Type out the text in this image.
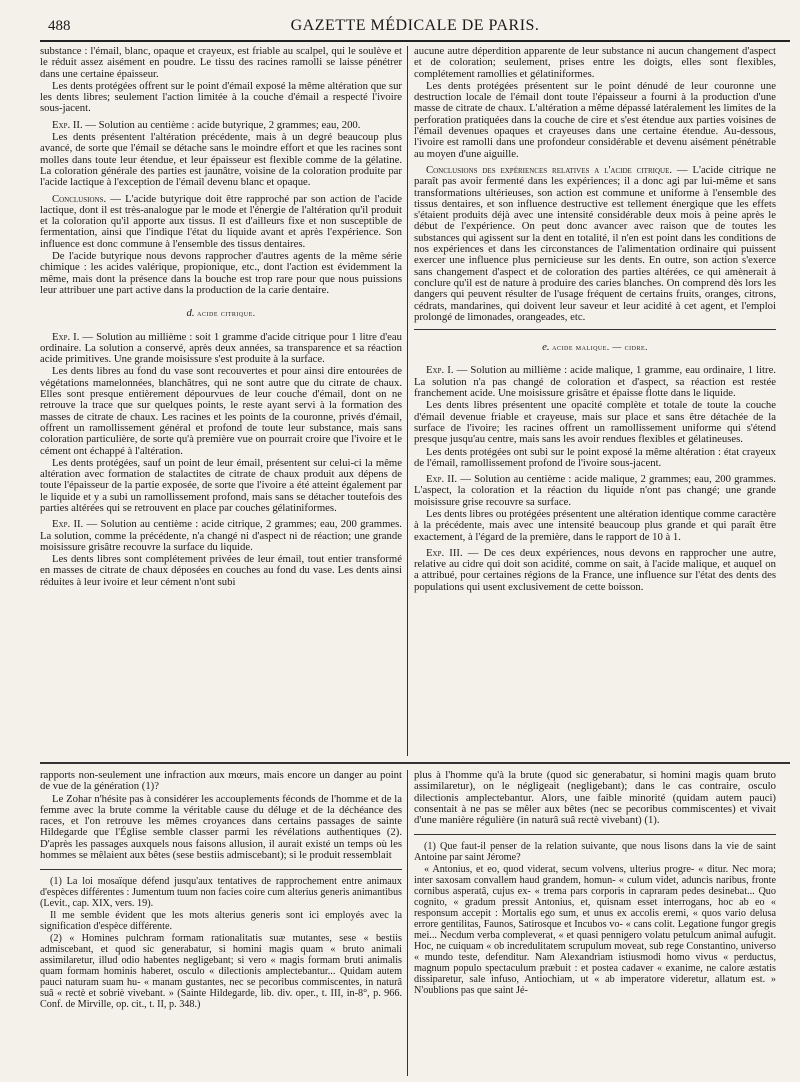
488	GAZETTE MÉDICALE DE PARIS.

substance : l'émail, blanc, opaque et crayeux, est friable au scalpel, qui le soulève et le réduit assez aisément en poudre. Le tissu des racines ramolli se laisse pénétrer dans une certaine épaisseur.

Les dents protégées offrent sur le point d'émail exposé la même altération que sur les dents libres; seulement l'action limitée à la couche d'émail a respecté l'ivoire sous-jacent.

Exp. II. — Solution au centième : acide butyrique, 2 grammes; eau, 200.

Les dents présentent l'altération précédente, mais à un degré beaucoup plus avancé, de sorte que l'émail se détache sans le moindre effort et que les racines sont molles dans toute leur étendue, et leur épaisseur est flexible comme de la gélatine. La coloration générale des parties est jaunâtre, voisine de la coloration produite par l'acide lactique à l'exception de l'émail devenu blanc et opaque.

Conclusions. — L'acide butyrique doit être rapproché par son action de l'acide lactique, dont il est très-analogue par le mode et l'énergie de l'altération qu'il produit et la coloration qu'il apporte aux tissus. Il est d'ailleurs fixe et non susceptible de fermentation, ainsi que l'indique l'état du liquide avant et après l'expérience. Son influence est donc commune à l'ensemble des tissus dentaires.

De l'acide butyrique nous devons rapprocher d'autres agents de la même série chimique : les acides valérique, propionique, etc., dont l'action est évidemment la même, mais dont la présence dans la bouche est trop rare pour que nous puissions leur attribuer une part active dans la production de la carie dentaire.

d. acide citrique.

Exp. I. — Solution au millième : soit 1 gramme d'acide citrique pour 1 litre d'eau ordinaire. La solution a conservé, après deux années, sa transparence et sa réaction acide primitives. Une grande moisissure s'est produite à la surface.

Les dents libres au fond du vase sont recouvertes et pour ainsi dire entourées de végétations mamelonnées, blanchâtres, qui ne sont autre que du citrate de chaux. Elles sont presque entièrement dépourvues de leur couche d'émail, dont on ne retrouve la trace que sur quelques points, le reste ayant servi à la formation des masses de citrate de chaux. Les racines et les points de la couronne, privés d'émail, offrent un ramollissement général et profond de toute leur substance, mais sans coloration particulière, de sorte qu'à première vue on pourrait croire que l'ivoire et le cément ont échappé à l'altération.

Les dents protégées, sauf un point de leur émail, présentent sur celui-ci la même altération avec formation de stalactites de citrate de chaux produit aux dépens de toute l'épaisseur de la partie exposée, de sorte que l'ivoire a été atteint également par le liquide et y a subi un ramollissement profond, mais sans se détacher toutefois des parties altérées qui se retrouvent en place par couches gélatiniformes.

Exp. II. — Solution au centième : acide citrique, 2 grammes; eau, 200 grammes. La solution, comme la précédente, n'a changé ni d'aspect ni de réaction; une grande moisissure grisâtre recouvre la surface du liquide.

Les dents libres sont complétement privées de leur émail, tout entier transformé en masses de citrate de chaux déposées en couches au fond du vase. Les dents ainsi réduites à leur ivoire et leur cément n'ont subi

aucune autre déperdition apparente de leur substance ni aucun changement d'aspect et de coloration; seulement, prises entre les doigts, elles sont flexibles, complétement ramollies et gélatiniformes.

Les dents protégées présentent sur le point dénudé de leur couronne une destruction locale de l'émail dont toute l'épaisseur a fourni à la production d'une masse de citrate de chaux. L'altération a même dépassé latéralement les limites de la perforation pratiquées dans la couche de cire et s'est étendue aux parties voisines de l'émail devenues opaques et crayeuses dans une certaine étendue. Au-dessous, l'ivoire est ramolli dans une profondeur considérable et devenu aisément pénétrable au moyen d'une aiguille.

Conclusions des expériences relatives a l'acide citrique. — L'acide citrique ne paraît pas avoir fermenté dans les expériences; il a donc agi par lui-même et sans transformations ultérieuses, son action est commune et uniforme à l'ensemble des tissus dentaires, et son influence destructive est tellement énergique que les effets s'étaient produits déjà avec une intensité considérable deux mois à peine après le début de l'expérience. On peut donc avancer avec raison que de toutes les substances qui agissent sur la dent en totalité, il n'en est point dans les conditions de nos expériences et dans les circonstances de l'alimentation ordinaire qui puissent exercer une influence plus pernicieuse sur les dents. En outre, son action s'exerce sans changement d'aspect et de coloration des parties altérées, ce qui amènerait à conclure qu'il est de nature à produire des caries blanches. On comprend dès lors les dangers qui peuvent résulter de l'usage fréquent de certains fruits, oranges, citrons, cédrats, mandarines, qui doivent leur saveur et leur acidité à cet agent, et l'emploi prolongé de limonades, orangeades, etc.

e. acide malique. — cidre.

Exp. I. — Solution au millième : acide malique, 1 gramme, eau ordinaire, 1 litre. La solution n'a pas changé de coloration et d'aspect, sa réaction est restée franchement acide. Une moisissure grisâtre et épaisse flotte dans le liquide.

Les dents libres présentent une opacité complète et totale de toute la couche d'émail devenue friable et crayeuse, mais sur place et sans être détachée de la surface de l'ivoire; les racines offrent un ramollissement uniforme qui s'étend presque jusqu'au centre, mais sans les avoir rendues flexibles et gélatineuses.

Les dents protégées ont subi sur le point exposé la même altération : état crayeux de l'émail, ramollissement profond de l'ivoire sous-jacent.

Exp. II. — Solution au centième : acide malique, 2 grammes; eau, 200 grammes. L'aspect, la coloration et la réaction du liquide n'ont pas changé; une grande moisissure grise recouvre sa surface.

Les dents libres ou protégées présentent une altération identique comme caractère à la précédente, mais avec une intensité beaucoup plus grande et qui paraît être exactement, à l'égard de la première, dans le rapport de 10 à 1.

Exp. III. — De ces deux expériences, nous devons en rapprocher une autre, relative au cidre qui doit son acidité, comme on sait, à l'acide malique, et auquel on a attribué, pour certaines régions de la France, une influence sur l'état des dents des populations qui usent exclusivement de cette boisson.

rapports non-seulement une infraction aux mœurs, mais encore un danger au point de vue de la génération (1)?

Le Zohar n'hésite pas à considérer les accouplements féconds de l'homme et de la femme avec la brute comme la véritable cause du déluge et de la déchéance des races, et l'on retrouve les mêmes croyances dans certains passages de sainte Hildegarde que l'Église semble classer parmi les révélations authentiques (2). D'après les passages auxquels nous faisons allusion, il aurait existé un temps où les hommes se mêlaient aux bêtes (sese bestiis admiscebant); si le produit ressemblait

(1) La loi mosaïque défend jusqu'aux tentatives de rapprochement entre animaux d'espèces différentes : Jumentum tuum non facies coire cum alterius generis animantibus (Levit., cap. XIX, vers. 19).

Il me semble évident que les mots alterius generis sont ici employés avec la signification d'espèce différente.

(2) « Homines pulchram formam rationalitatis suæ mutantes, sese « bestiis admiscebant, et quod sic generabatur, si homini magis quam « bruto animali assimilaretur, illud odio habentes negligebant; si vero « magis formam bruti animalis quam formam hominis haberet, osculo « dilectionis amplectebantur... Quidam autem pauci naturam suam hu- « manam gustantes, nec se pecoribus commiscentes, in naturâ suâ « rectè et sobriè vivebant. » (Sainte Hildegarde, lib. div. oper., t. III, in-8°, p. 966. Conf. de Mirville, op. cit., t. II, p. 348.)

plus à l'homme qu'à la brute (quod sic generabatur, si homini magis quam bruto assimilaretur), on le négligeait (negligebant); dans le cas contraire, osculo dilectionis amplectebantur. Alors, une faible minorité (quidam autem pauci) consentait à ne pas se mêler aux bêtes (nec se pecoribus commiscentes) et vivait d'une manière régulière (in naturâ suâ rectè vivebant) (1).

(1) Que faut-il penser de la relation suivante, que nous lisons dans la vie de saint Antoine par saint Jérome?

« Antonius, et eo, quod viderat, secum volvens, ulterius progre- « ditur. Nec mora; inter saxosam convallem haud grandem, homun- « culum videt, aduncis naribus, fronte cornibus asperatâ, cujus ex- « trema pars corporis in capraram pedes desinebat... Quo cognito, « gradum pressit Antonius, et, quisnam esset interrogans, hoc ab eo « responsum accepit : Mortalis ego sum, et unus ex accolis eremi, « quos vario delusa errore gentilitas, Faunos, Satirosque et Incubos vo- « cans colit. Legatione fungor gregis mei... Necdum verba compleverat, « et quasi pennigero volatu petulcum animal aufugit. Hoc, ne cuiquam « ob incredulitatem scrupulum moveat, sub rege Constantino, universo « mundo teste, defenditur. Nam Alexandriam istiusmodi homo vivus « perductus, magnum populo spectaculum præbuit : et postea cadaver « exanime, ne calore æstatis dissiparetur, sale infuso, Antiochiam, ut « ab imperatore videretur, allatum est. » N'oublions pas que saint Jé-
